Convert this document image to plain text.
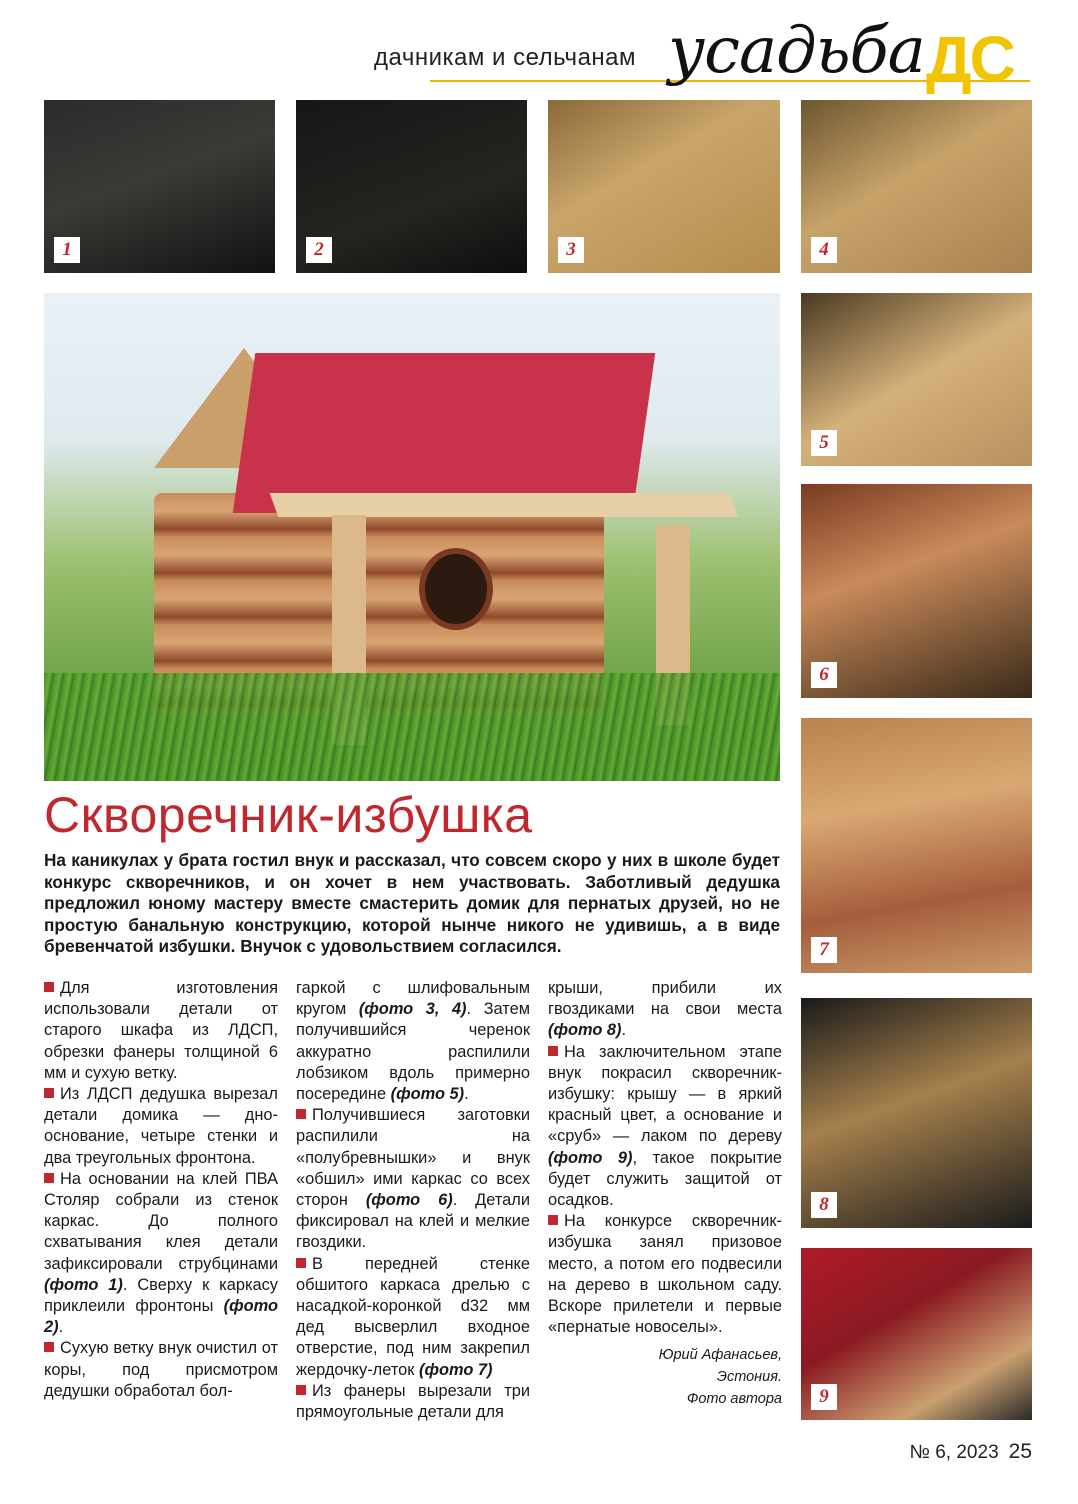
дачникам и сельчанам усадьба ДС
1	2	3	4
5
6
7
8
9
Скворечник-избушка
На каникулах у брата гостил внук и рассказал, что совсем скоро у них в школе будет конкурс скворечников, и он хочет в нем участвовать. Заботливый дедушка предложил юному мастеру вместе смастерить домик для пернатых друзей, но не простую банальную конструкцию, которой нынче никого не удивишь, а в виде бревенчатой избушки. Внучок с удовольствием согласился.

Для изготовления использовали детали от старого шкафа из ЛДСП, обрезки фанеры толщиной 6 мм и сухую ветку.

Из ЛДСП дедушка вырезал детали домика — дно-основание, четыре стенки и два треугольных фронтона.

На основании на клей ПВА Столяр собрали из стенок каркас. До полного схватывания клея детали зафиксировали струбцинами (фото 1). Сверху к каркасу приклеили фронтоны (фото 2).

Сухую ветку внук очистил от коры, под присмотром дедушки обработал бол-

гаркой с шлифовальным кругом (фото 3, 4). Затем получившийся черенок аккуратно распилили лобзиком вдоль примерно посередине (фото 5).

Получившиеся заготовки распилили на «полубревнышки» и внук «обшил» ими каркас со всех сторон (фото 6). Детали фиксировал на клей и мелкие гвоздики.

В передней стенке обшитого каркаса дрелью с насадкой-коронкой d32 мм дед высверлил входное отверстие, под ним закрепил жердочку-леток (фото 7)

Из фанеры вырезали три прямоугольные детали для

крыши, прибили их гвоздиками на свои места (фото 8).

На заключительном этапе внук покрасил скворечник-избушку: крышу — в яркий красный цвет, а основание и «сруб» — лаком по дереву (фото 9), такое покрытие будет служить защитой от осадков.

На конкурсе скворечник-избушка занял призовое место, а потом его подвесили на дерево в школьном саду. Вскоре прилетели и первые «пернатые новоселы».

Юрий Афанасьев,
Эстония.
Фото автора
№ 6, 2023 25
